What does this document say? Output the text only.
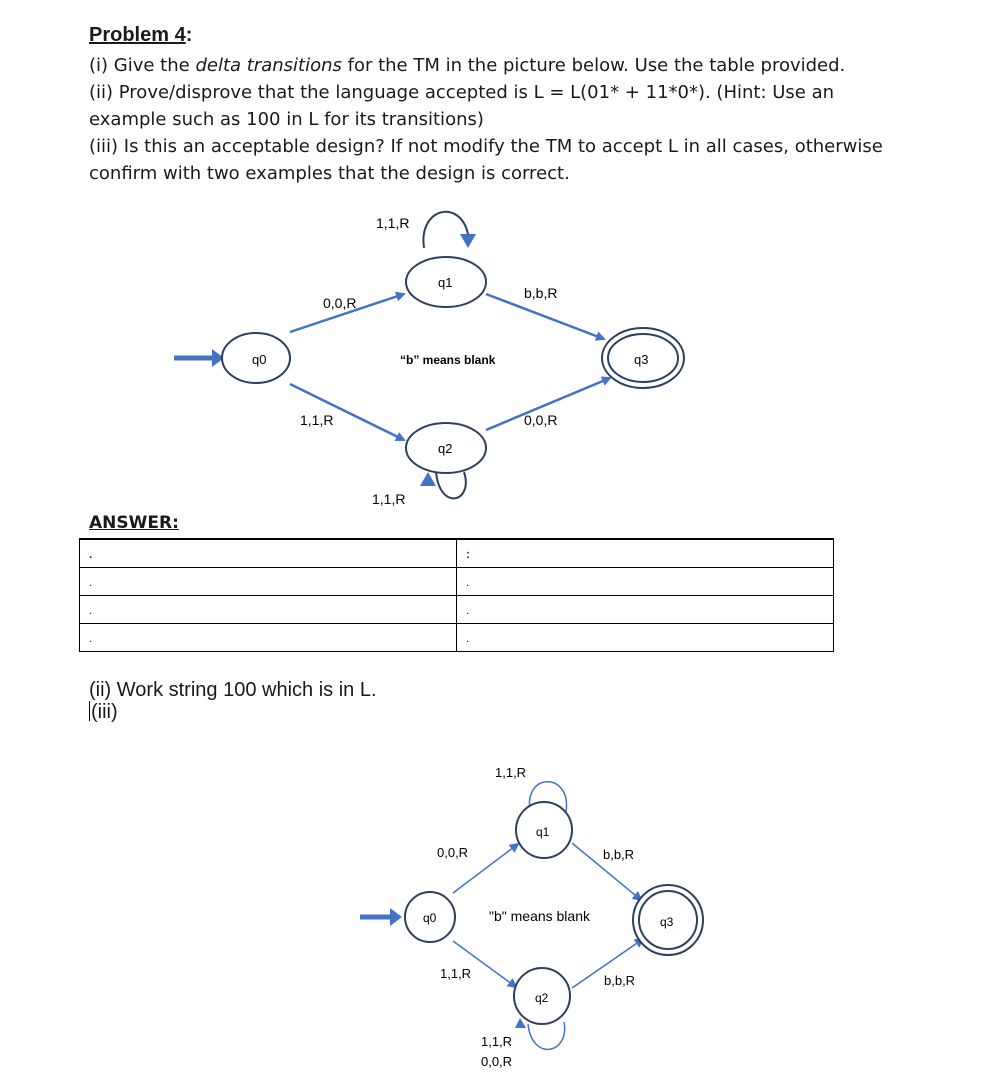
Problem 4:
(i) Give the delta transitions for the TM in the picture below. Use the table provided.
(ii) Prove/disprove that the language accepted is L = L(01* + 11*0*). (Hint: Use an
example such as 100 in L for its transitions)
(iii) Is this an acceptable design? If not modify the TM to accept L in all cases, otherwise
confirm with two examples that the design is correct.
q0
q1
q2
q3
1,1,R
0,0,R
b,b,R
1,1,R	0,0,R
1,1,R
“b” means blank
ANSWER:
.	:
.	.
.	.
.	.
(ii) Work string 100 which is in L.
(iii)
q0
q1
q2
q3
1,1,R
0,0,R	b,b,R
1,1,R	b,b,R
1,1,R
0,0,R
"b" means blank
